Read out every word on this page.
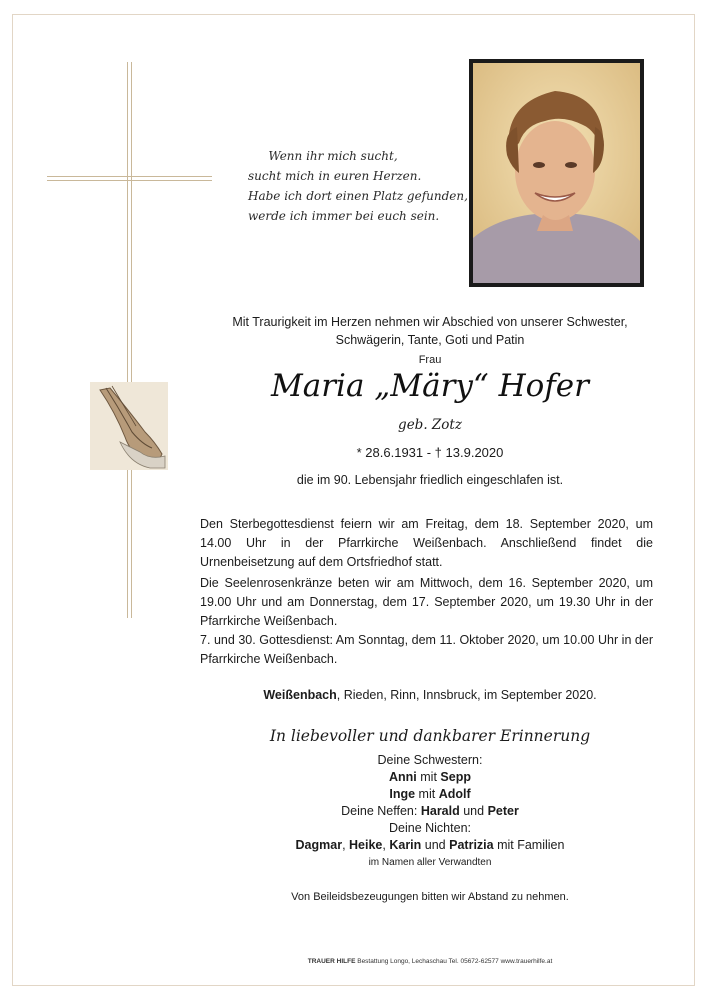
Wenn ihr mich sucht,
sucht mich in euren Herzen.
Habe ich dort einen Platz gefunden,
werde ich immer bei euch sein.
Mit Traurigkeit im Herzen nehmen wir Abschied von unserer Schwester,
Schwägerin, Tante, Goti und Patin
Frau
Maria „Märy“ Hofer
geb. Zotz
* 28.6.1931 - † 13.9.2020
die im 90. Lebensjahr friedlich eingeschlafen ist.
Den Sterbegottesdienst feiern wir am Freitag, dem 18. September 2020, um 14.00 Uhr in der Pfarrkirche Weißenbach. Anschließend findet die Urnenbeisetzung auf dem Ortsfriedhof statt.
Die Seelenrosenkränze beten wir am Mittwoch, dem 16. September 2020, um 19.00 Uhr und am Donnerstag, dem 17. September 2020, um 19.30 Uhr in der Pfarrkirche Weißenbach.
7. und 30. Gottesdienst: Am Sonntag, dem 11. Oktober 2020, um 10.00 Uhr in der Pfarrkirche Weißenbach.
Weißenbach, Rieden, Rinn, Innsbruck, im September 2020.
In liebevoller und dankbarer Erinnerung
Deine Schwestern:
Anni mit Sepp
Inge mit Adolf
Deine Neffen: Harald und Peter
Deine Nichten:
Dagmar, Heike, Karin und Patrizia mit Familien
im Namen aller Verwandten
Von Beileidsbezeugungen bitten wir Abstand zu nehmen.
TRAUER HILFE Bestattung Longo, Lechaschau Tel. 05672-62577 www.trauerhilfe.at
